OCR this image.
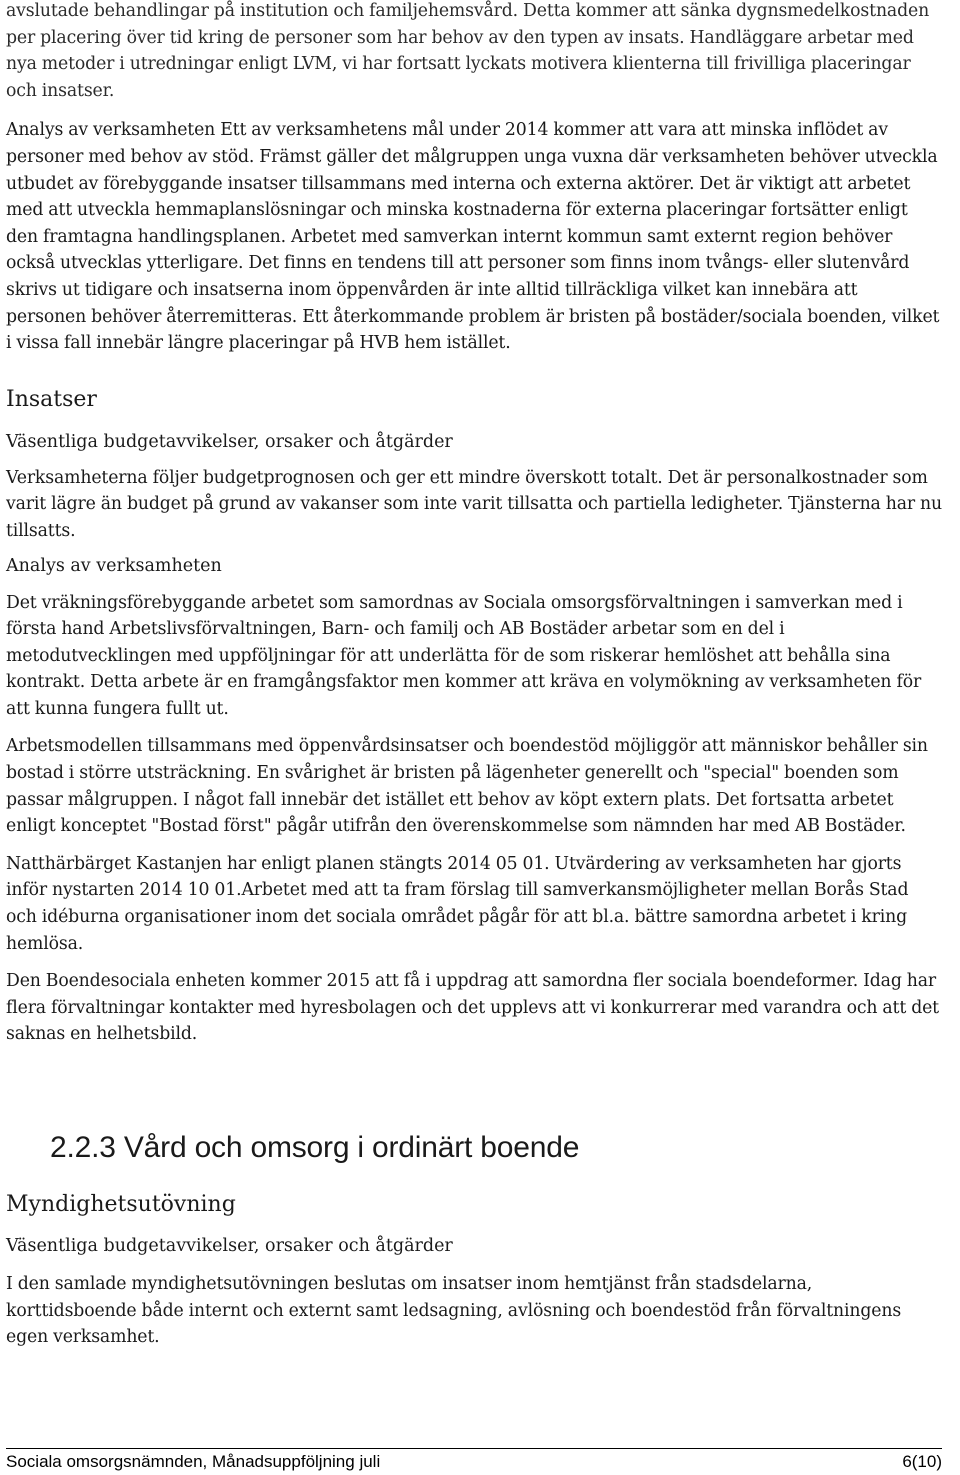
avslutade behandlingar på institution och familjehemsvård. Detta kommer att sänka dygnsmedelkostnaden per placering över tid kring de personer som har behov av den typen av insats. Handläggare arbetar med nya metoder i utredningar enligt LVM, vi har fortsatt lyckats motivera klienterna till frivilliga placeringar och insatser.

Analys av verksamheten Ett av verksamhetens mål under 2014 kommer att vara att minska inflödet av personer med behov av stöd. Främst gäller det målgruppen unga vuxna där verksamheten behöver utveckla utbudet av förebyggande insatser tillsammans med interna och externa aktörer. Det är viktigt att arbetet med att utveckla hemmaplanslösningar och minska kostnaderna för externa placeringar fortsätter enligt den framtagna handlingsplanen. Arbetet med samverkan internt kommun samt externt region behöver också utvecklas ytterligare. Det finns en tendens till att personer som finns inom tvångs- eller slutenvård skrivs ut tidigare och insatserna inom öppenvården är inte alltid tillräckliga vilket kan innebära att personen behöver återremitteras. Ett återkommande problem är bristen på bostäder/sociala boenden, vilket i vissa fall innebär längre placeringar på HVB hem istället.

Insatser
Väsentliga budgetavvikelser, orsaker och åtgärder

Verksamheterna följer budgetprognosen och ger ett mindre överskott totalt. Det är personalkostnader som varit lägre än budget på grund av vakanser som inte varit tillsatta och partiella ledigheter. Tjänsterna har nu tillsatts.

Analys av verksamheten

Det vräkningsförebyggande arbetet som samordnas av Sociala omsorgsförvaltningen i samverkan med i första hand Arbetslivsförvaltningen, Barn- och familj och AB Bostäder arbetar som en del i metodutvecklingen med uppföljningar för att underlätta för de som riskerar hemlöshet att behålla sina kontrakt. Detta arbete är en framgångsfaktor men kommer att kräva en volymökning av verksamheten för att kunna fungera fullt ut.

Arbetsmodellen tillsammans med öppenvårdsinsatser och boendestöd möjliggör att människor behåller sin bostad i större utsträckning. En svårighet är bristen på lägenheter generellt och "special" boenden som passar målgruppen. I något fall innebär det istället ett behov av köpt extern plats. Det fortsatta arbetet enligt konceptet "Bostad först" pågår utifrån den överenskommelse som nämnden har med AB Bostäder.

Natthärbärget Kastanjen har enligt planen stängts 2014 05 01. Utvärdering av verksamheten har gjorts inför nystarten 2014 10 01.Arbetet med att ta fram förslag till samverkansmöjligheter mellan Borås Stad och idéburna organisationer inom det sociala området pågår för att bl.a. bättre samordna arbetet i kring hemlösa.

Den Boendesociala enheten kommer 2015 att få i uppdrag att samordna fler sociala boendeformer. Idag har flera förvaltningar kontakter med hyresbolagen och det upplevs att vi konkurrerar med varandra och att det saknas en helhetsbild.

2.2.3 Vård och omsorg i ordinärt boende
Myndighetsutövning
Väsentliga budgetavvikelser, orsaker och åtgärder

I den samlade myndighetsutövningen beslutas om insatser inom hemtjänst från stadsdelarna, korttidsboende både internt och externt samt ledsagning, avlösning och boendestöd från förvaltningens egen verksamhet.

Sociala omsorgsnämnden, Månadsuppföljning juli	6(10)
